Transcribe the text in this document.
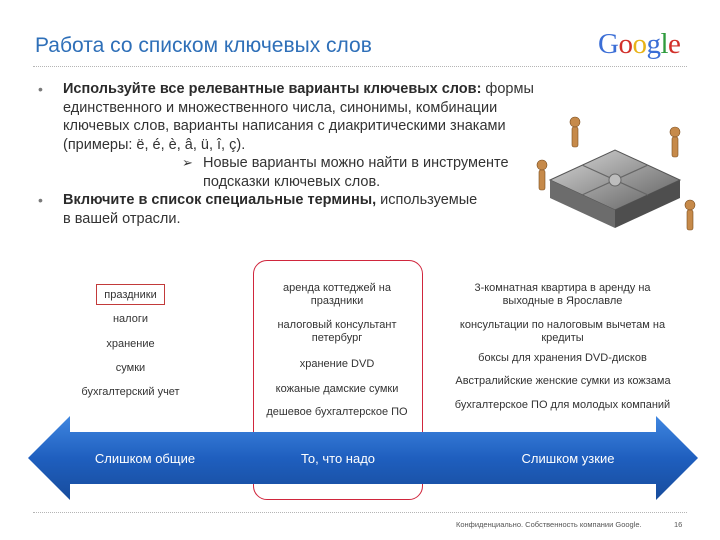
Работа со списком ключевых слов	Google
• Используйте все релевантные варианты ключевых слов: формы единственного и множественного числа, синонимы, комбинации ключевых слов, варианты написания с диакритическими знаками (примеры: ë, é, è, â, ü, î, ç).
➢ Новые варианты можно найти в инструменте подсказки ключевых слов.
• Включите в список специальные термины, используемые в вашей отрасли.
праздники
налоги
хранение
сумки
бухгалтерский учет
аренда коттеджей на праздники
налоговый консультант петербург
хранение DVD
кожаные дамские сумки
дешевое бухгалтерское ПО
3-комнатная квартира в аренду на выходные в Ярославле
консультации по налоговым вычетам на кредиты
боксы для хранения DVD-дисков
Австралийские женские сумки из кожзама
бухгалтерское ПО для молодых компаний
Слишком общие	То, что надо	Слишком узкие
Конфиденциально. Собственность компании Google.	16
